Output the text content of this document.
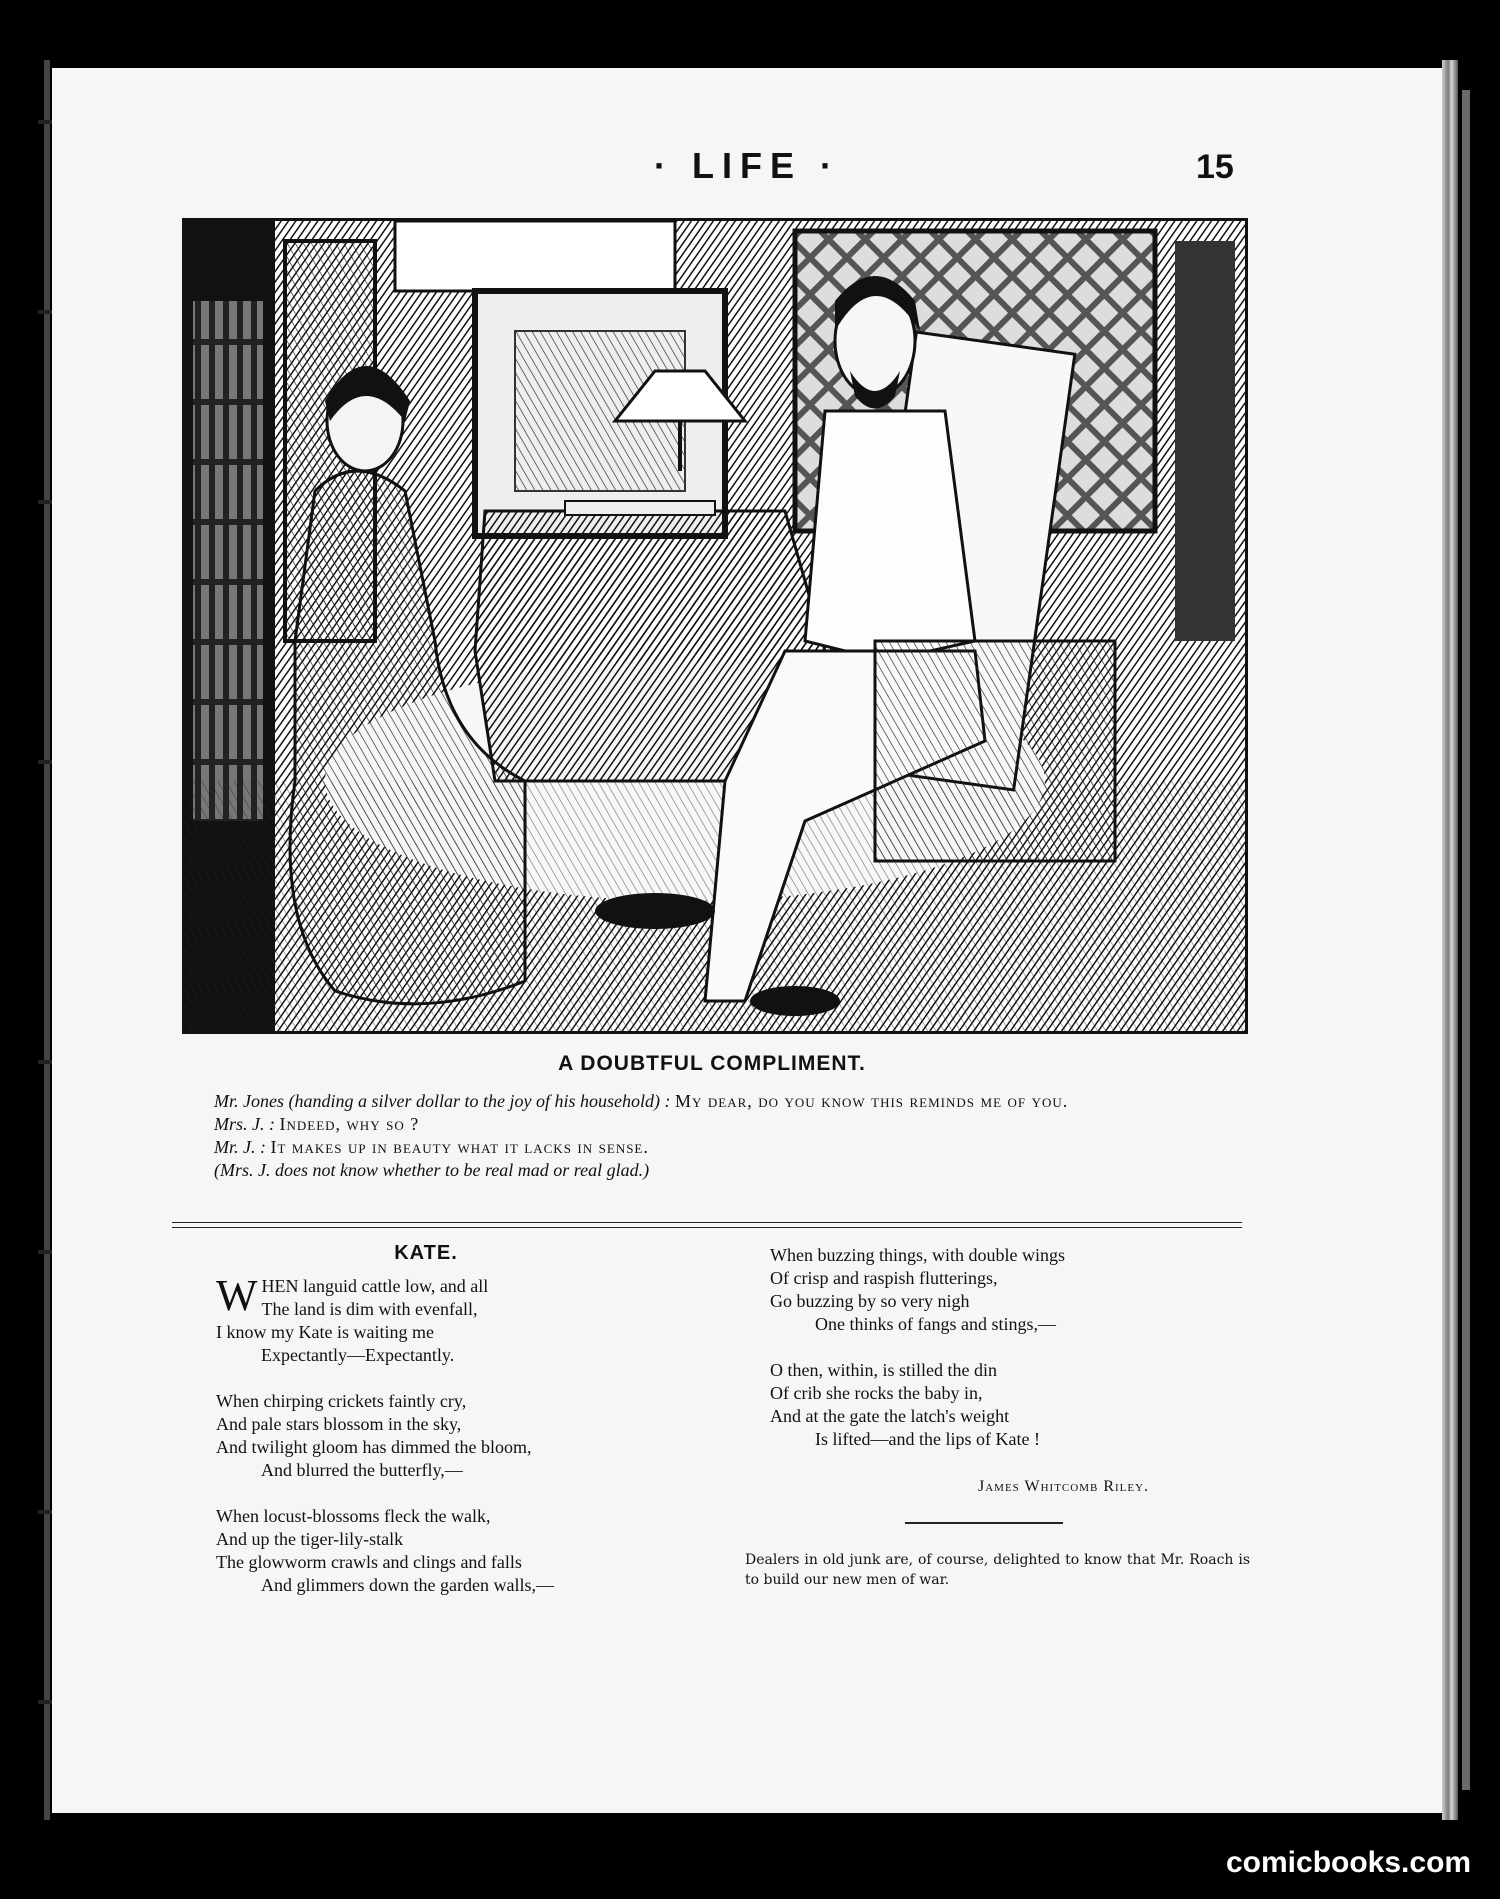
· LIFE ·	15
A DOUBTFUL COMPLIMENT.

Mr. Jones (handing a silver dollar to the joy of his household) : My dear, do you know this reminds me of you.

Mrs. J. : Indeed, why so ?

Mr. J. : It makes up in beauty what it lacks in sense.

(Mrs. J. does not know whether to be real mad or real glad.)

KATE.
W HEN languid cattle low, and all
The land is dim with evenfall,
I know my Kate is waiting me
Expectantly—Expectantly.
When chirping crickets faintly cry,
And pale stars blossom in the sky,
And twilight gloom has dimmed the bloom,
And blurred the butterfly,—
When locust-blossoms fleck the walk,
And up the tiger-lily-stalk
The glowworm crawls and clings and falls
And glimmers down the garden walls,—
When buzzing things, with double wings
Of crisp and raspish flutterings,
Go buzzing by so very nigh
One thinks of fangs and stings,—
O then, within, is stilled the din
Of crib she rocks the baby in,
And at the gate the latch's weight
Is lifted—and the lips of Kate !
James Whitcomb Riley.
Dealers in old junk are, of course, delighted to know that Mr. Roach is to build our new men of war.
comicbooks.com
